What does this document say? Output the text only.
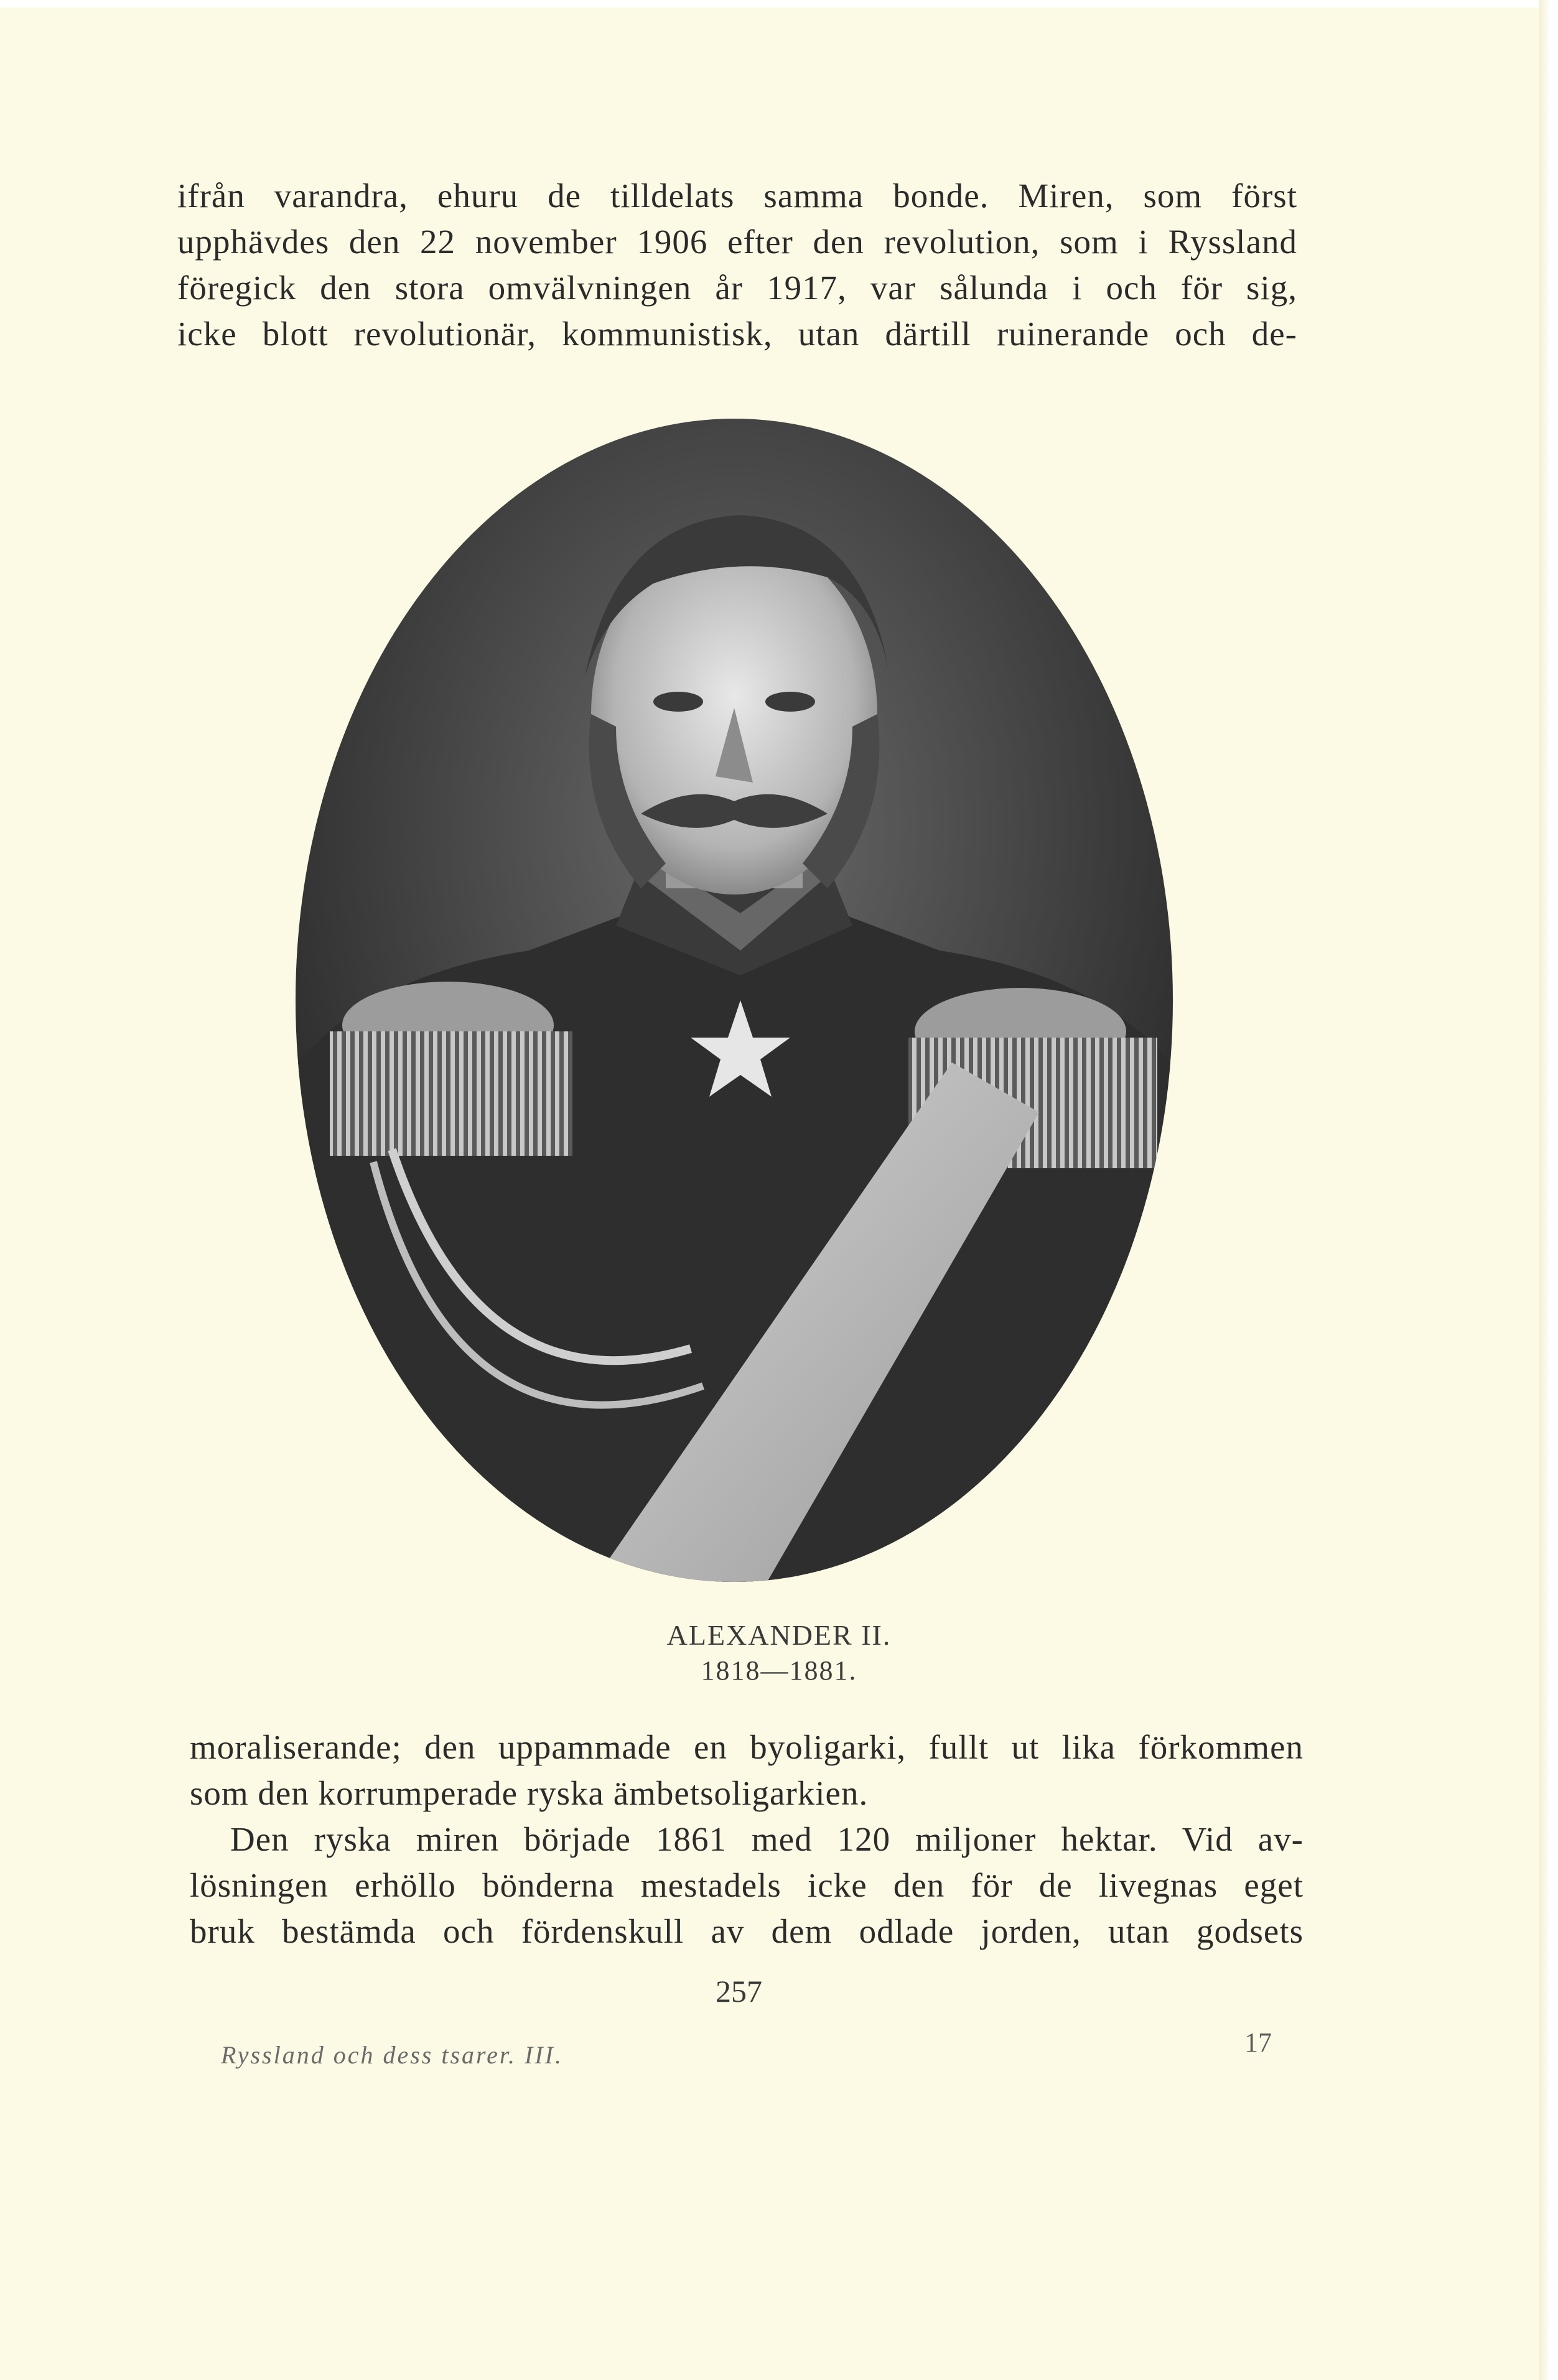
ifrån varandra, ehuru de tilldelats samma bonde. Miren, som först
upphävdes den 22 november 1906 efter den revolution, som i Ryssland
föregick den stora omvälvningen år 1917, var sålunda i och för sig,
icke blott revolutionär, kommunistisk, utan därtill ruinerande och de-
ALEXANDER II.
1818—1881.
moraliserande; den uppammade en byoligarki, fullt ut lika förkommen
som den korrumperade ryska ämbetsoligarkien.
Den ryska miren började 1861 med 120 miljoner hektar. Vid av-
lösningen erhöllo bönderna mestadels icke den för de livegnas eget
bruk bestämda och fördenskull av dem odlade jorden, utan godsets
257
Ryssland och dess tsarer. III.	17
